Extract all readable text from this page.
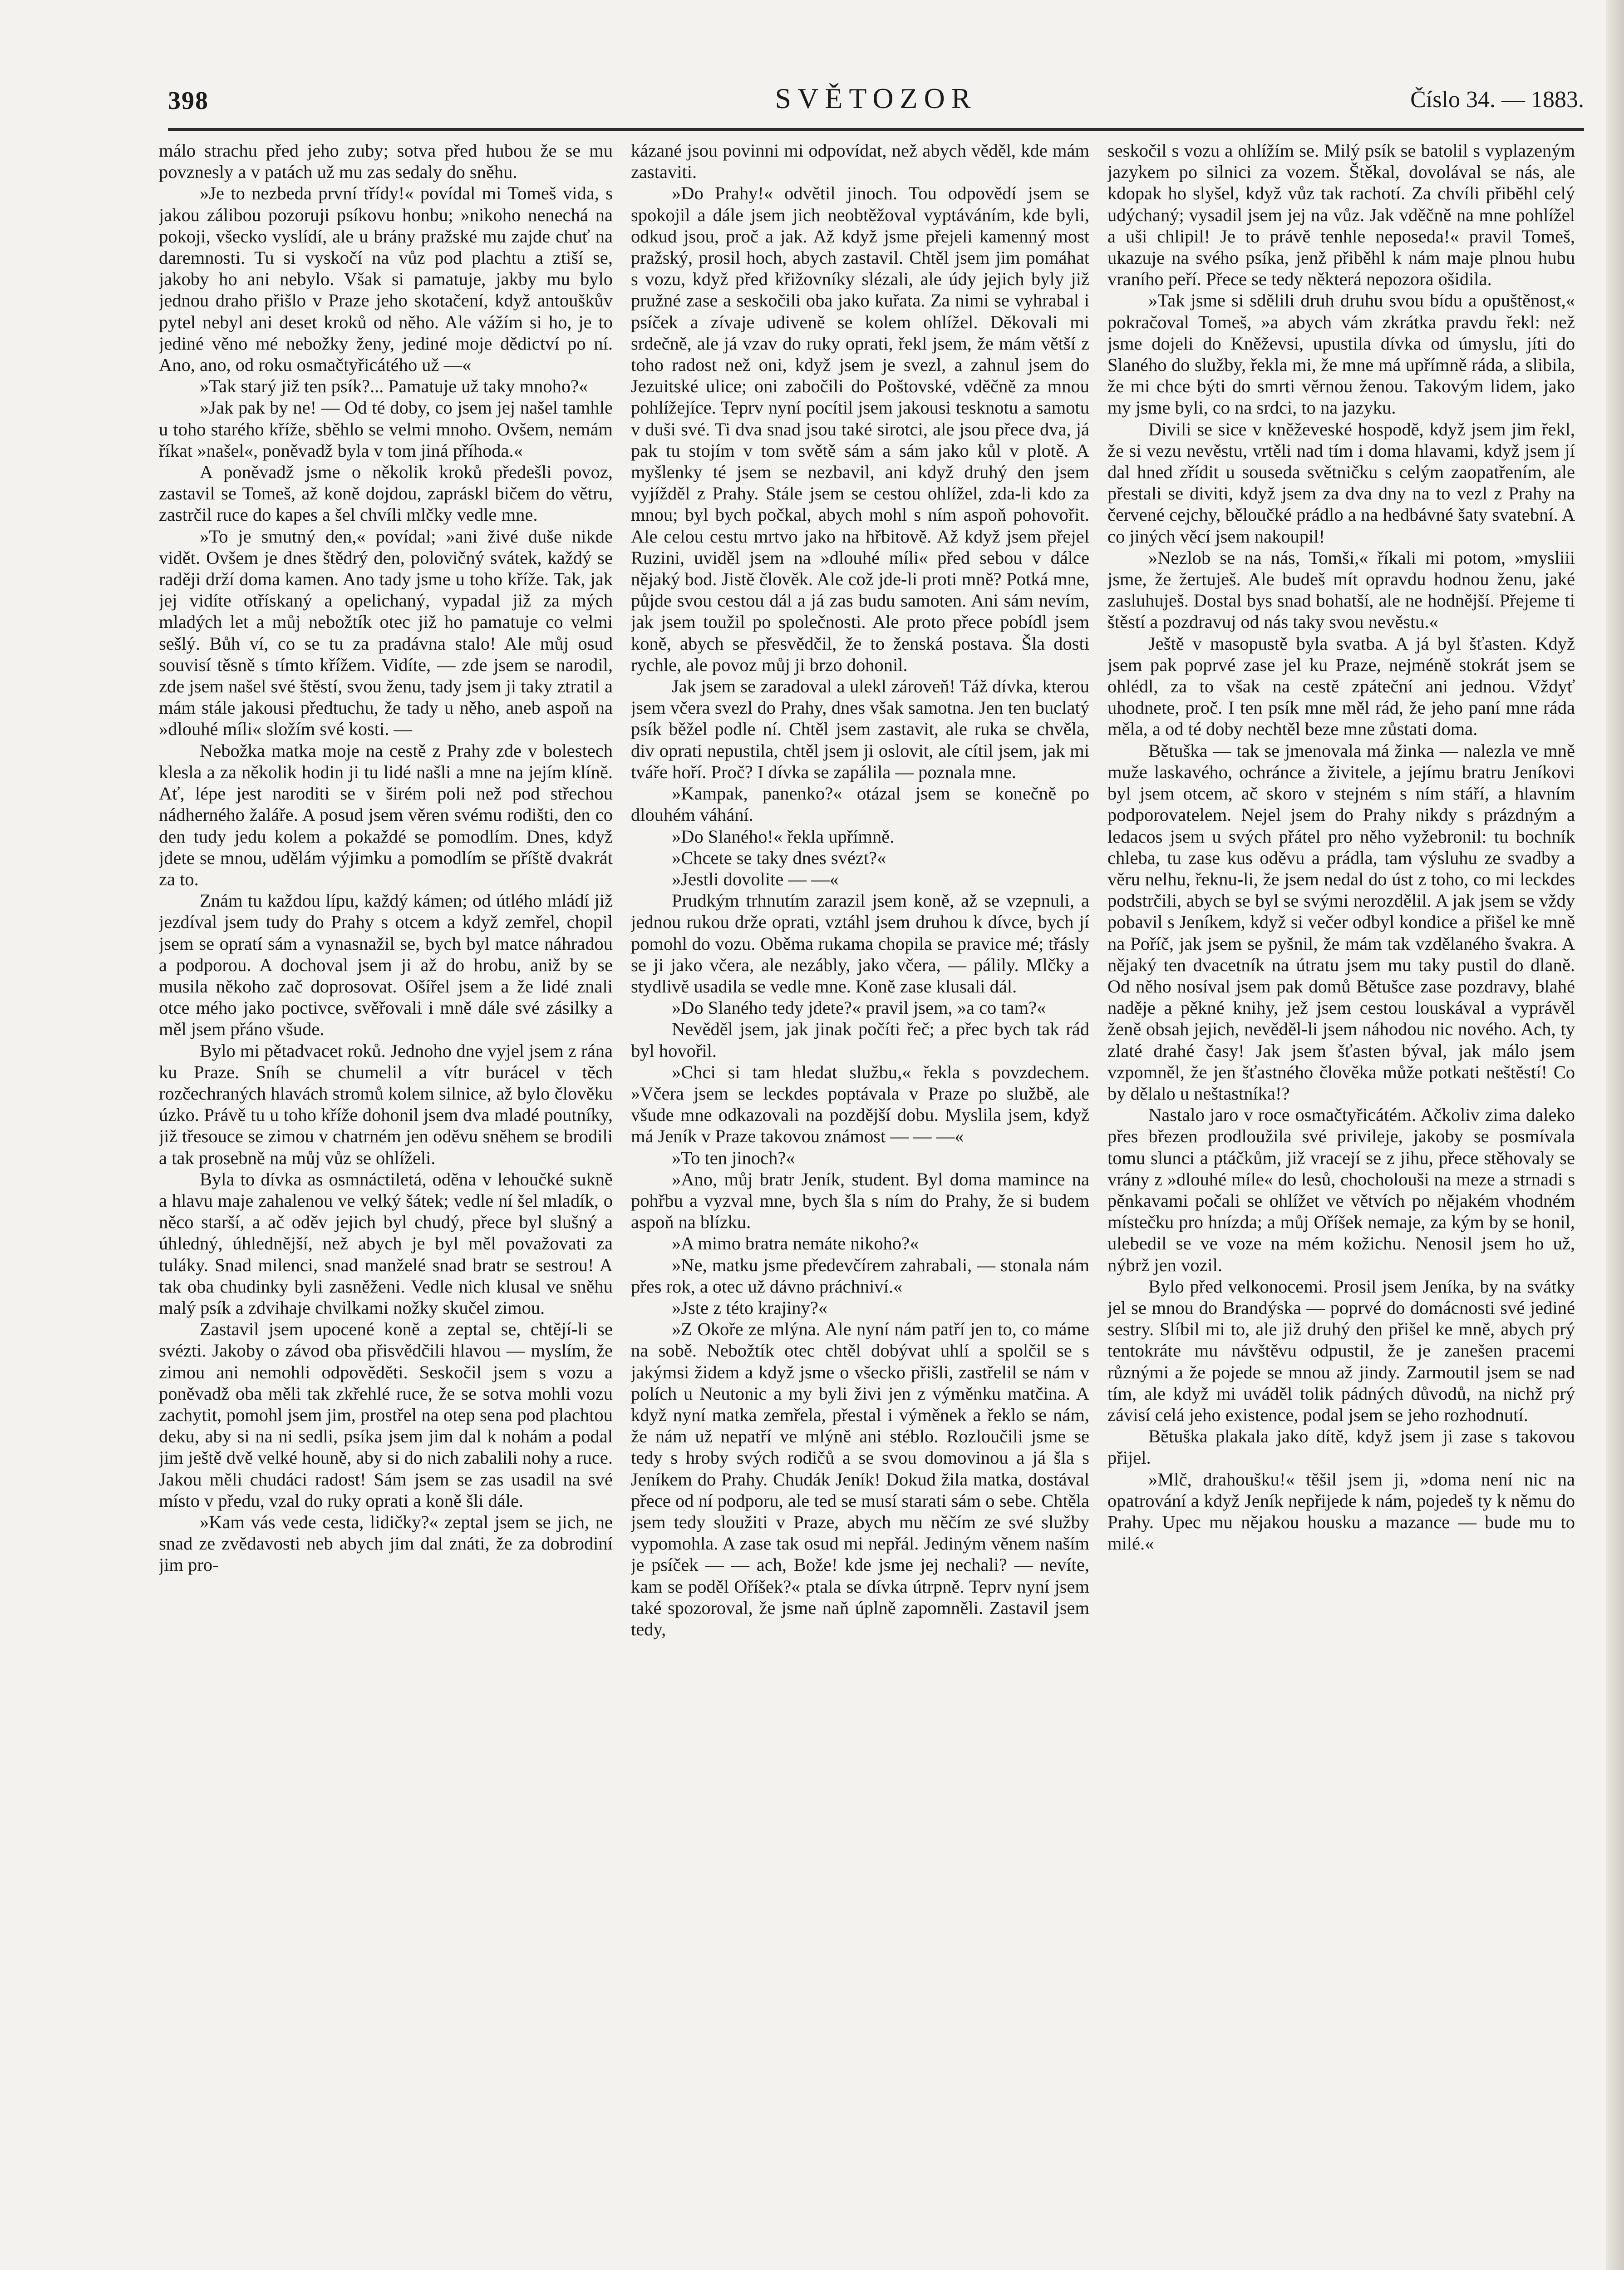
398	SVĚTOZOR	Číslo 34. — 1883.

málo strachu před jeho zuby; sotva před hubou že se mu povznesly a v patách už mu zas sedaly do sněhu.

»Je to nezbeda první třídy!« povídal mi Tomeš vida, s jakou zálibou pozoruji psíkovu honbu; »nikoho nenechá na pokoji, všecko vyslídí, ale u brány pražské mu zajde chuť na daremnosti. Tu si vyskočí na vůz pod plachtu a ztiší se, jakoby ho ani nebylo. Však si pamatuje, jakby mu bylo jednou draho přišlo v Praze jeho skotačení, když antouškův pytel nebyl ani deset kroků od něho. Ale vážím si ho, je to jediné věno mé nebožky ženy, jediné moje dědictví po ní. Ano, ano, od roku osmačtyřicátého už —«

»Tak starý již ten psík?... Pamatuje už taky mnoho?«

»Jak pak by ne! — Od té doby, co jsem jej našel tamhle u toho starého kříže, sběhlo se velmi mnoho. Ovšem, nemám říkat »našel«, poněvadž byla v tom jiná příhoda.«

A poněvadž jsme o několik kroků předešli povoz, zastavil se Tomeš, až koně dojdou, zapráskl bičem do větru, zastrčil ruce do kapes a šel chvíli mlčky vedle mne.

»To je smutný den,« povídal; »ani živé duše nikde vidět. Ovšem je dnes štědrý den, polovičný svátek, každý se raději drží doma kamen. Ano tady jsme u toho kříže. Tak, jak jej vidíte otřískaný a opelichaný, vypadal již za mých mladých let a můj nebožtík otec již ho pamatuje co velmi sešlý. Bůh ví, co se tu za pradávna stalo! Ale můj osud souvisí těsně s tímto křížem. Vidíte, — zde jsem se narodil, zde jsem našel své štěstí, svou ženu, tady jsem ji taky ztratil a mám stále jakousi předtuchu, že tady u něho, aneb aspoň na »dlouhé míli« složím své kosti. —

Nebožka matka moje na cestě z Prahy zde v bolestech klesla a za několik hodin ji tu lidé našli a mne na jejím klíně. Ať, lépe jest naroditi se v širém poli než pod střechou nádherného žaláře. A posud jsem věren svému rodišti, den co den tudy jedu kolem a pokaždé se pomodlím. Dnes, když jdete se mnou, udělám výjimku a pomodlím se příště dvakrát za to.

Znám tu každou lípu, každý kámen; od útlého mládí již jezdíval jsem tudy do Prahy s otcem a když zemřel, chopil jsem se opratí sám a vynasnažil se, bych byl matce náhradou a podporou. A dochoval jsem ji až do hrobu, aniž by se musila někoho zač doprosovat. Ošířel jsem a že lidé znali otce mého jako poctivce, svěřovali i mně dále své zásilky a měl jsem přáno všude.

Bylo mi pětadvacet roků. Jednoho dne vyjel jsem z rána ku Praze. Sníh se chumelil a vítr burácel v těch rozčechraných hlavách stromů kolem silnice, až bylo člověku úzko. Právě tu u toho kříže dohonil jsem dva mladé poutníky, již třesouce se zimou v chatrném jen oděvu sněhem se brodili a tak prosebně na můj vůz se ohlíželi.

Byla to dívka as osmnáctiletá, oděna v lehoučké sukně a hlavu maje zahalenou ve velký šátek; vedle ní šel mladík, o něco starší, a ač oděv jejich byl chudý, přece byl slušný a úhledný, úhlednější, než abych je byl měl považovati za tuláky. Snad milenci, snad manželé snad bratr se sestrou! A tak oba chudinky byli zasněženi. Vedle nich klusal ve sněhu malý psík a zdvihaje chvilkami nožky skučel zimou.

Zastavil jsem upocené koně a zeptal se, chtějí-li se svézti. Jakoby o závod oba přisvědčili hlavou — myslím, že zimou ani nemohli odpověděti. Seskočil jsem s vozu a poněvadž oba měli tak zkřehlé ruce, že se sotva mohli vozu zachytit, pomohl jsem jim, prostřel na otep sena pod plachtou deku, aby si na ni sedli, psíka jsem jim dal k nohám a podal jim ještě dvě velké houně, aby si do nich zabalili nohy a ruce. Jakou měli chudáci radost! Sám jsem se zas usadil na své místo v předu, vzal do ruky oprati a koně šli dále.

»Kam vás vede cesta, lidičky?« zeptal jsem se jich, ne snad ze zvědavosti neb abych jim dal znáti, že za dobrodiní jim pro-

kázané jsou povinni mi odpovídat, než abych věděl, kde mám zastaviti.

»Do Prahy!« odvětil jinoch. Tou odpovědí jsem se spokojil a dále jsem jich neobtěžoval vyptáváním, kde byli, odkud jsou, proč a jak. Až když jsme přejeli kamenný most pražský, prosil hoch, abych zastavil. Chtěl jsem jim pomáhat s vozu, když před křižovníky slézali, ale údy jejich byly již pružné zase a seskočili oba jako kuřata. Za nimi se vyhrabal i psíček a zívaje udiveně se kolem ohlížel. Děkovali mi srdečně, ale já vzav do ruky oprati, řekl jsem, že mám větší z toho radost než oni, když jsem je svezl, a zahnul jsem do Jezuitské ulice; oni zabočili do Poštovské, vděčně za mnou pohlížejíce. Teprv nyní pocítil jsem jakousi tesknotu a samotu v duši své. Ti dva snad jsou také sirotci, ale jsou přece dva, já pak tu stojím v tom světě sám a sám jako kůl v plotě. A myšlenky té jsem se nezbavil, ani když druhý den jsem vyjížděl z Prahy. Stále jsem se cestou ohlížel, zda-li kdo za mnou; byl bych počkal, abych mohl s ním aspoň pohovořit. Ale celou cestu mrtvo jako na hřbitově. Až když jsem přejel Ruzini, uviděl jsem na »dlouhé míli« před sebou v dálce nějaký bod. Jistě člověk. Ale což jde-li proti mně? Potká mne, půjde svou cestou dál a já zas budu samoten. Ani sám nevím, jak jsem toužil po společnosti. Ale proto přece pobídl jsem koně, abych se přesvědčil, že to ženská postava. Šla dosti rychle, ale povoz můj ji brzo dohonil.

Jak jsem se zaradoval a ulekl zároveň! Táž dívka, kterou jsem včera svezl do Prahy, dnes však samotna. Jen ten buclatý psík běžel podle ní. Chtěl jsem zastavit, ale ruka se chvěla, div oprati nepustila, chtěl jsem ji oslovit, ale cítil jsem, jak mi tváře hoří. Proč? I dívka se zapálila — poznala mne.

»Kampak, panenko?« otázal jsem se konečně po dlouhém váhání.

»Do Slaného!« řekla upřímně.

»Chcete se taky dnes svézt?«

»Jestli dovolite — —«

Prudkým trhnutím zarazil jsem koně, až se vzepnuli, a jednou rukou drže oprati, vztáhl jsem druhou k dívce, bych jí pomohl do vozu. Oběma rukama chopila se pravice mé; třásly se ji jako včera, ale nezábly, jako včera, — pálily. Mlčky a stydlivě usadila se vedle mne. Koně zase klusali dál.

»Do Slaného tedy jdete?« pravil jsem, »a co tam?«

Nevěděl jsem, jak jinak počíti řeč; a přec bych tak rád byl hovořil.

»Chci si tam hledat službu,« řekla s povzdechem. »Včera jsem se leckdes poptávala v Praze po službě, ale všude mne odkazovali na pozdější dobu. Myslila jsem, když má Jeník v Praze takovou známost — — —«

»To ten jinoch?«

»Ano, můj bratr Jeník, student. Byl doma mamince na pohřbu a vyzval mne, bych šla s ním do Prahy, že si budem aspoň na blízku.

»A mimo bratra nemáte nikoho?«

»Ne, matku jsme předevčírem zahrabali, — stonala nám přes rok, a otec už dávno práchniví.«

»Jste z této krajiny?«

»Z Okoře ze mlýna. Ale nyní nám patří jen to, co máme na sobě. Nebožtík otec chtěl dobývat uhlí a spolčil se s jakýmsi židem a když jsme o všecko přišli, zastřelil se nám v polích u Neutonic a my byli živi jen z výměnku matčina. A když nyní matka zemřela, přestal i výměnek a řeklo se nám, že nám už nepatří ve mlýně ani stéblo. Rozloučili jsme se tedy s hroby svých rodičů a se svou domovinou a já šla s Jeníkem do Prahy. Chudák Jeník! Dokud žila matka, dostával přece od ní podporu, ale ted se musí starati sám o sebe. Chtěla jsem tedy sloužiti v Praze, abych mu něčím ze své služby vypomohla. A zase tak osud mi nepřál. Jediným věnem naším je psíček — — ach, Bože! kde jsme jej nechali? — nevíte, kam se poděl Oříšek?« ptala se dívka útrpně. Teprv nyní jsem také spozoroval, že jsme naň úplně zapomněli. Zastavil jsem tedy,

seskočil s vozu a ohlížím se. Milý psík se batolil s vyplazeným jazykem po silnici za vozem. Štěkal, dovolával se nás, ale kdopak ho slyšel, když vůz tak rachotí. Za chvíli přiběhl celý udýchaný; vysadil jsem jej na vůz. Jak vděčně na mne pohlížel a uši chlipil! Je to právě tenhle neposeda!« pravil Tomeš, ukazuje na svého psíka, jenž přiběhl k nám maje plnou hubu vraního peří. Přece se tedy některá nepozora ošidila.

»Tak jsme si sdělili druh druhu svou bídu a opuštěnost,« pokračoval Tomeš, »a abych vám zkrátka pravdu řekl: než jsme dojeli do Kněževsi, upustila dívka od úmyslu, jíti do Slaného do služby, řekla mi, že mne má upřímně ráda, a slibila, že mi chce býti do smrti věrnou ženou. Takovým lidem, jako my jsme byli, co na srdci, to na jazyku.

Divili se sice v kněževeské hospodě, když jsem jim řekl, že si vezu nevěstu, vrtěli nad tím i doma hlavami, když jsem jí dal hned zřídit u souseda světničku s celým zaopatřením, ale přestali se diviti, když jsem za dva dny na to vezl z Prahy na červené cejchy, běloučké prádlo a na hedbávné šaty svatební. A co jiných věcí jsem nakoupil!

»Nezlob se na nás, Tomši,« říkali mi potom, »mysliii jsme, že žertuješ. Ale budeš mít opravdu hodnou ženu, jaké zasluhuješ. Dostal bys snad bohatší, ale ne hodnější. Přejeme ti štěstí a pozdravuj od nás taky svou nevěstu.«

Ještě v masopustě byla svatba. A já byl šťasten. Když jsem pak poprvé zase jel ku Praze, nejméně stokrát jsem se ohlédl, za to však na cestě zpáteční ani jednou. Vždyť uhodnete, proč. I ten psík mne měl rád, že jeho paní mne ráda měla, a od té doby nechtěl beze mne zůstati doma.

Bětuška — tak se jmenovala má žinka — nalezla ve mně muže laskavého, ochránce a živitele, a jejímu bratru Jeníkovi byl jsem otcem, ač skoro v stejném s ním stáří, a hlavním podporovatelem. Nejel jsem do Prahy nikdy s prázdným a ledacos jsem u svých přátel pro něho vyžebronil: tu bochník chleba, tu zase kus oděvu a prádla, tam výsluhu ze svadby a věru nelhu, řeknu-li, že jsem nedal do úst z toho, co mi leckdes podstrčili, abych se byl se svými nerozdělil. A jak jsem se vždy pobavil s Jeníkem, když si večer odbyl kondice a přišel ke mně na Poříč, jak jsem se pyšnil, že mám tak vzdělaného švakra. A nějaký ten dvacetník na útratu jsem mu taky pustil do dlaně. Od něho nosíval jsem pak domů Bětušce zase pozdravy, blahé naděje a pěkné knihy, jež jsem cestou louskával a vyprávěl ženě obsah jejich, nevěděl-li jsem náhodou nic nového. Ach, ty zlaté drahé časy! Jak jsem šťasten býval, jak málo jsem vzpomněl, že jen šťastného člověka může potkati neštěstí! Co by dělalo u neštastníka!?

Nastalo jaro v roce osmačtyřicátém. Ačkoliv zima daleko přes březen prodloužila své privileje, jakoby se posmívala tomu slunci a ptáčkům, již vracejí se z jihu, přece stěhovaly se vrány z »dlouhé míle« do lesů, chocholouši na meze a strnadi s pěnkavami počali se ohlížet ve větvích po nějakém vhodném místečku pro hnízda; a můj Oříšek nemaje, za kým by se honil, ulebedil se ve voze na mém kožichu. Nenosil jsem ho už, nýbrž jen vozil.

Bylo před velkonocemi. Prosil jsem Jeníka, by na svátky jel se mnou do Brandýska — poprvé do domácnosti své jediné sestry. Slíbil mi to, ale již druhý den přišel ke mně, abych prý tentokráte mu návštěvu odpustil, že je zanešen pracemi různými a že pojede se mnou až jindy. Zarmoutil jsem se nad tím, ale když mi uváděl tolik pádných důvodů, na nichž prý závisí celá jeho existence, podal jsem se jeho rozhodnutí.

Bětuška plakala jako dítě, když jsem ji zase s takovou přijel.

»Mlč, drahoušku!« těšil jsem ji, »doma není nic na opatrování a když Jeník nepřijede k nám, pojedeš ty k němu do Prahy. Upec mu nějakou housku a mazance — bude mu to milé.«
